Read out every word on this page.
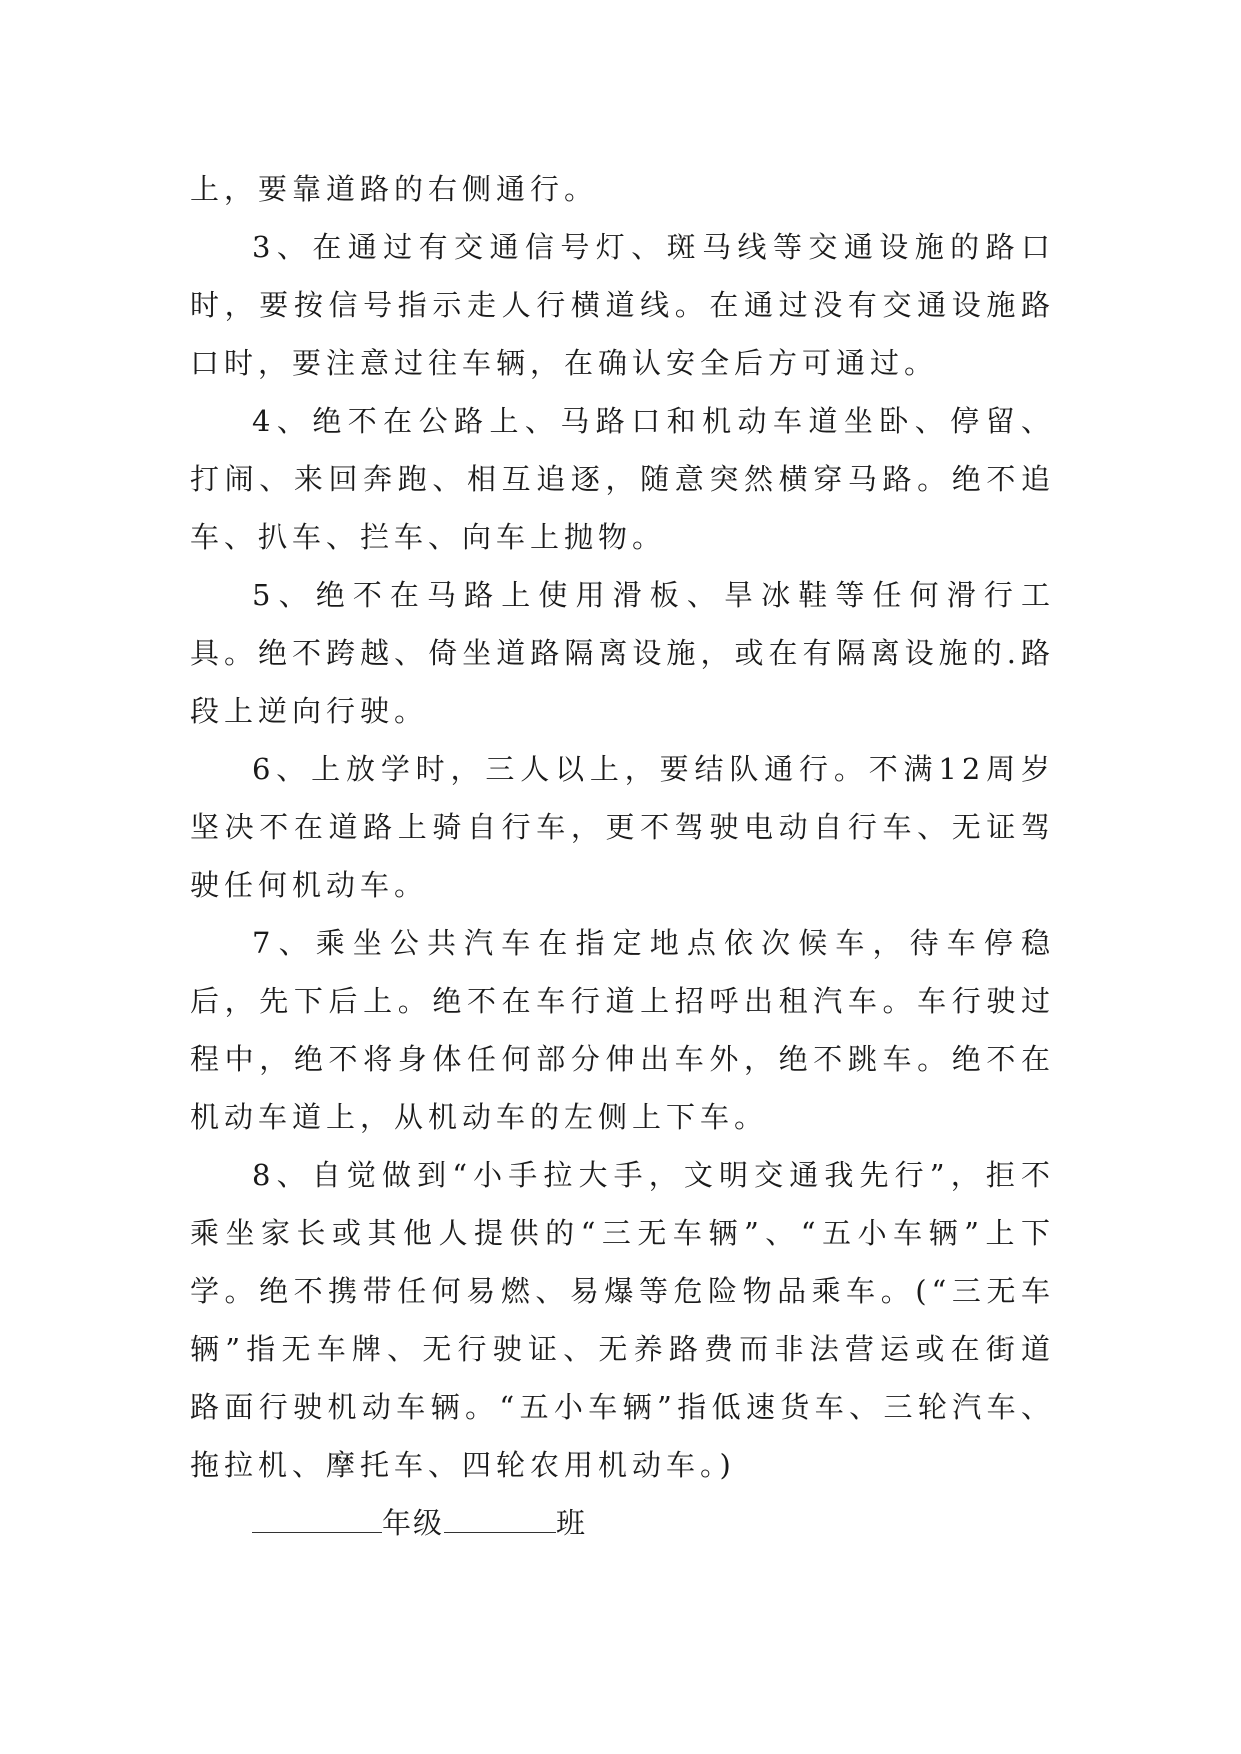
上，要靠道路的右侧通行。

3、在通过有交通信号灯、斑马线等交通设施的路口时，要按信号指示走人行横道线。在通过没有交通设施路口时，要注意过往车辆，在确认安全后方可通过。

4、绝不在公路上、马路口和机动车道坐卧、停留、打闹、来回奔跑、相互追逐，随意突然横穿马路。绝不追车、扒车、拦车、向车上抛物。

5、绝不在马路上使用滑板、旱冰鞋等任何滑行工具。绝不跨越、倚坐道路隔离设施，或在有隔离设施的.路段上逆向行驶。

6、上放学时，三人以上，要结队通行。不满12周岁坚决不在道路上骑自行车，更不驾驶电动自行车、无证驾驶任何机动车。

7、乘坐公共汽车在指定地点依次候车，待车停稳后，先下后上。绝不在车行道上招呼出租汽车。车行驶过程中，绝不将身体任何部分伸出车外，绝不跳车。绝不在机动车道上，从机动车的左侧上下车。

8、自觉做到“小手拉大手，文明交通我先行”，拒不乘坐家长或其他人提供的“三无车辆”、“五小车辆”上下学。绝不携带任何易燃、易爆等危险物品乘车。(“三无车辆”指无车牌、无行驶证、无养路费而非法营运或在街道路面行驶机动车辆。“五小车辆”指低速货车、三轮汽车、拖拉机、摩托车、四轮农用机动车。)

年级	班
